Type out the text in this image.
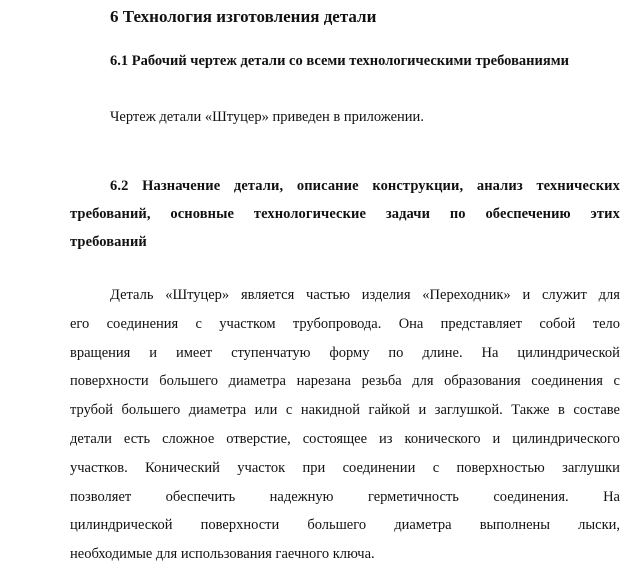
6 Технология изготовления детали
6.1 Рабочий чертеж детали со всеми технологическими требованиями
Чертеж детали «Штуцер» приведен в приложении.
6.2 Назначение детали, описание конструкции, анализ технических
требований, основные технологические задачи по обеспечению этих
требований
Деталь «Штуцер» является частью изделия «Переходник» и служит для
его соединения с участком трубопровода. Она представляет собой тело
вращения и имеет ступенчатую форму по длине. На цилиндрической
поверхности большего диаметра нарезана резьба для образования соединения с
трубой большего диаметра или с накидной гайкой и заглушкой. Также в составе
детали есть сложное отверстие, состоящее из конического и цилиндрического
участков. Конический участок при соединении с поверхностью заглушки
позволяет обеспечить надежную герметичность соединения. На
цилиндрической поверхности большего диаметра выполнены лыски,
необходимые для использования гаечного ключа.
